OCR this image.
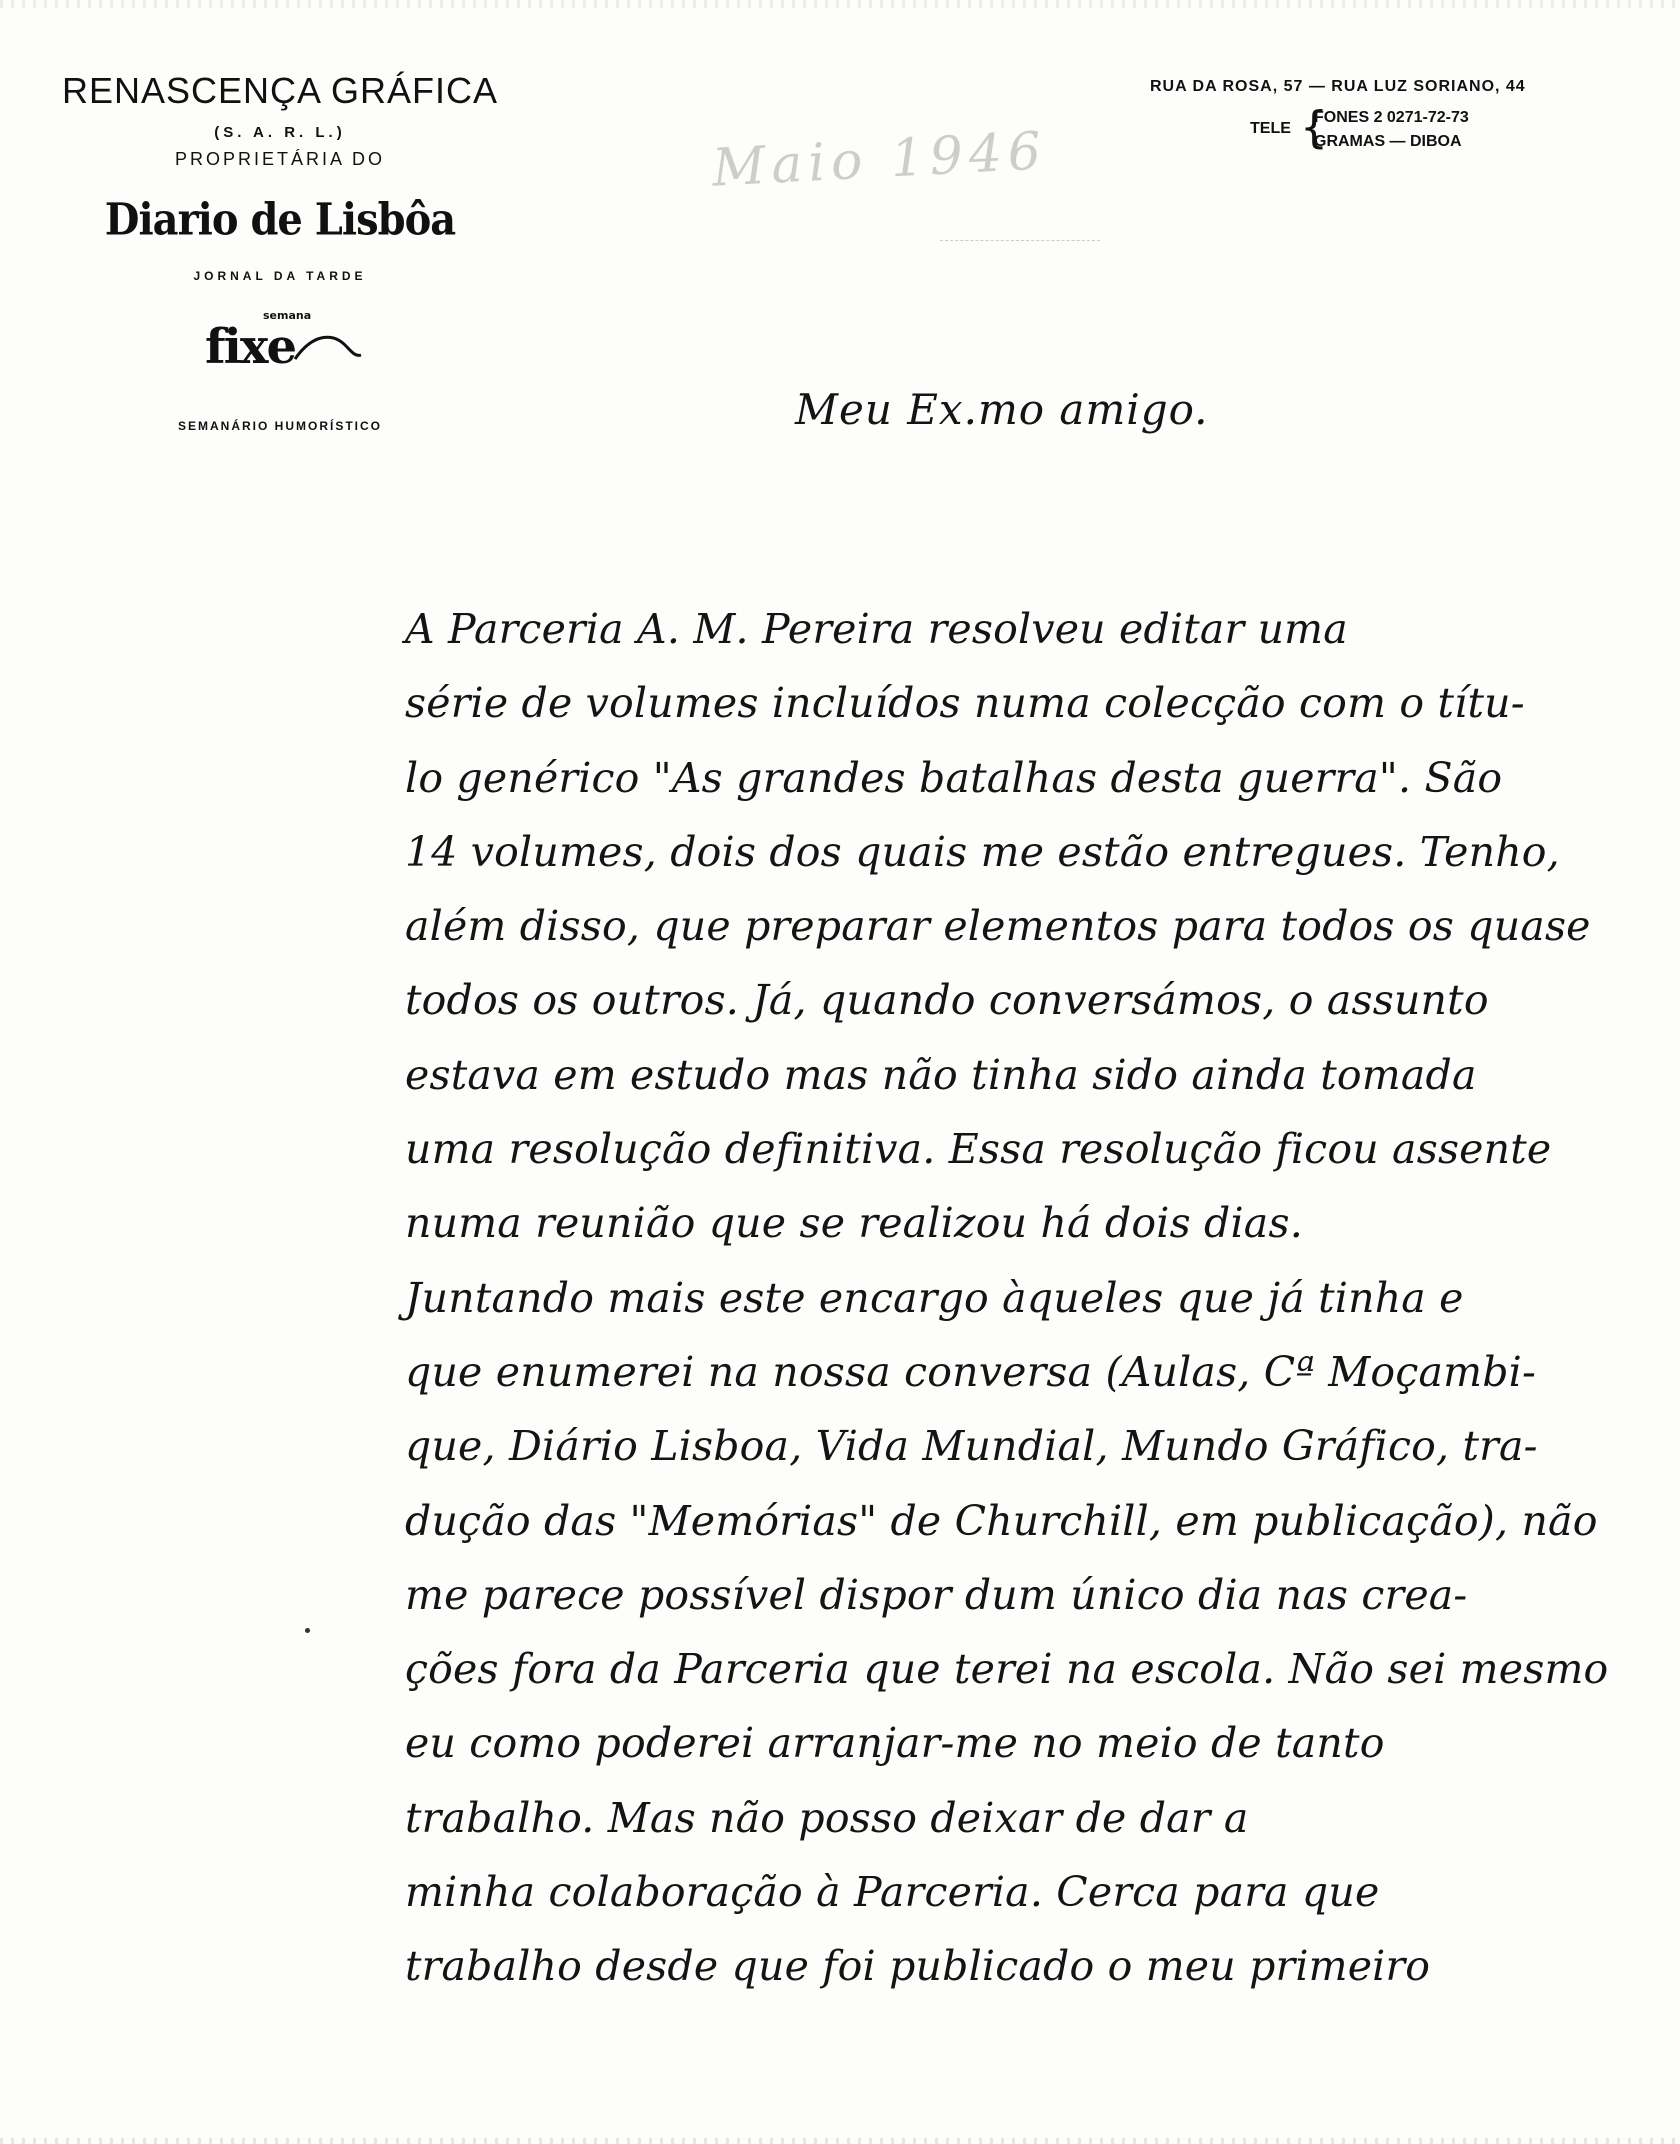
RENASCENÇA GRÁFICA
(S. A. R. L.)
PROPRIETÁRIA DO
Diario de Lisbôa
JORNAL DA TARDE
semana
fixe
SEMANÁRIO HUMORÍSTICO
RUA DA ROSA, 57 — RUA LUZ SORIANO, 44
TELE {
FONES 2 0271-72-73
GRAMAS — DIBOA
Maio 1946
Meu Ex.mo amigo.
A Parceria A. M. Pereira resolveu editar uma
série de volumes incluídos numa colecção com o títu-
lo genérico "As grandes batalhas desta guerra". São
14 volumes, dois dos quais me estão entregues. Tenho,
além disso, que preparar elementos para todos os quase
todos os outros. Já, quando conversámos, o assunto
estava em estudo mas não tinha sido ainda tomada
uma resolução definitiva. Essa resolução ficou assente
numa reunião que se realizou há dois dias.
Juntando mais este encargo àqueles que já tinha e
que enumerei na nossa conversa (Aulas, Cª Moçambi-
que, Diário Lisboa, Vida Mundial, Mundo Gráfico, tra-
dução das "Memórias" de Churchill, em publicação), não
me parece possível dispor dum único dia nas crea-
ções fora da Parceria que terei na escola. Não sei mesmo
eu como poderei arranjar-me no meio de tanto
trabalho. Mas não posso deixar de dar a
minha colaboração à Parceria. Cerca para que
trabalho desde que foi publicado o meu primeiro
